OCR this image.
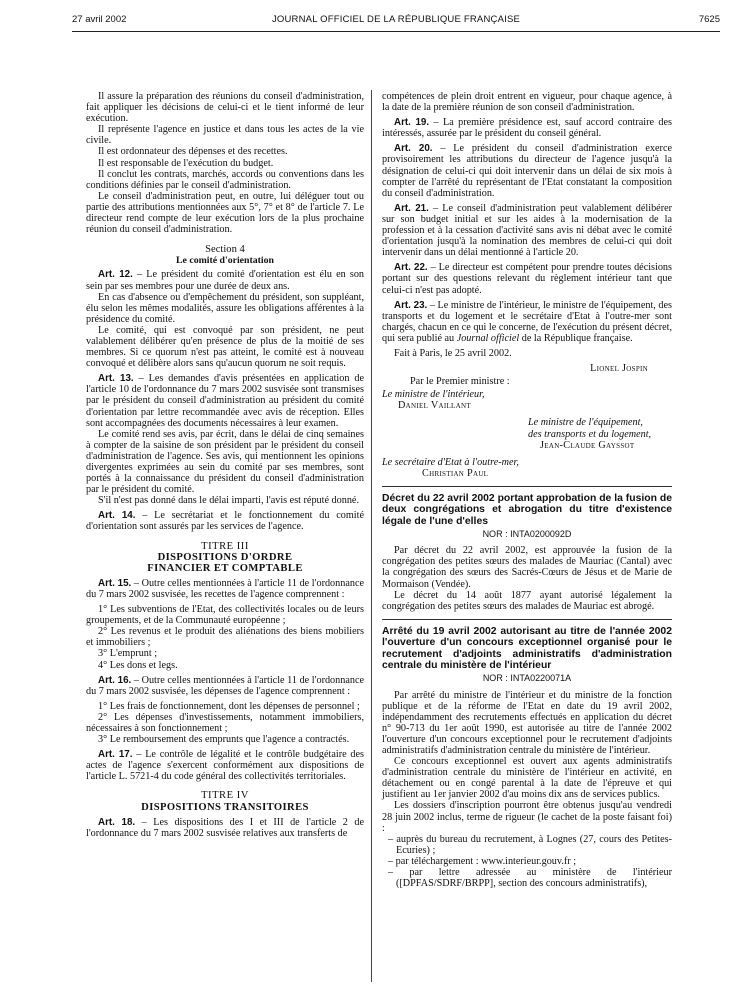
27 avril 2002	JOURNAL OFFICIEL DE LA RÉPUBLIQUE FRANÇAISE	7625

Il assure la préparation des réunions du conseil d'administration, fait appliquer les décisions de celui-ci et le tient informé de leur exécution.

Il représente l'agence en justice et dans tous les actes de la vie civile.

Il est ordonnateur des dépenses et des recettes.

Il est responsable de l'exécution du budget.

Il conclut les contrats, marchés, accords ou conventions dans les conditions définies par le conseil d'administration.

Le conseil d'administration peut, en outre, lui déléguer tout ou partie des attributions mentionnées aux 5°, 7° et 8° de l'article 7. Le directeur rend compte de leur exécution lors de la plus prochaine réunion du conseil d'administration.

Section 4
Le comité d'orientation

Art. 12. – Le président du comité d'orientation est élu en son sein par ses membres pour une durée de deux ans.

En cas d'absence ou d'empêchement du président, son suppléant, élu selon les mêmes modalités, assure les obligations afférentes à la présidence du comité.

Le comité, qui est convoqué par son président, ne peut valablement délibérer qu'en présence de plus de la moitié de ses membres. Si ce quorum n'est pas atteint, le comité est à nouveau convoqué et délibère alors sans qu'aucun quorum ne soit requis.

Art. 13. – Les demandes d'avis présentées en application de l'article 10 de l'ordonnance du 7 mars 2002 susvisée sont transmises par le président du conseil d'administration au président du comité d'orientation par lettre recommandée avec avis de réception. Elles sont accompagnées des documents nécessaires à leur examen.

Le comité rend ses avis, par écrit, dans le délai de cinq semaines à compter de la saisine de son président par le président du conseil d'administration de l'agence. Ses avis, qui mentionnent les opinions divergentes exprimées au sein du comité par ses membres, sont portés à la connaissance du président du conseil d'administration par le président du comité.

S'il n'est pas donné dans le délai imparti, l'avis est réputé donné.

Art. 14. – Le secrétariat et le fonctionnement du comité d'orientation sont assurés par les services de l'agence.

TITRE III
DISPOSITIONS D'ORDRE
FINANCIER ET COMPTABLE

Art. 15. – Outre celles mentionnées à l'article 11 de l'ordonnance du 7 mars 2002 susvisée, les recettes de l'agence comprennent :

1° Les subventions de l'Etat, des collectivités locales ou de leurs groupements, et de la Communauté européenne ;

2° Les revenus et le produit des aliénations des biens mobiliers et immobiliers ;

3° L'emprunt ;

4° Les dons et legs.

Art. 16. – Outre celles mentionnées à l'article 11 de l'ordonnance du 7 mars 2002 susvisée, les dépenses de l'agence comprennent :

1° Les frais de fonctionnement, dont les dépenses de personnel ;

2° Les dépenses d'investissements, notamment immobiliers, nécessaires à son fonctionnement ;

3° Le remboursement des emprunts que l'agence a contractés.

Art. 17. – Le contrôle de légalité et le contrôle budgétaire des actes de l'agence s'exercent conformément aux dispositions de l'article L. 5721-4 du code général des collectivités territoriales.

TITRE IV
DISPOSITIONS TRANSITOIRES

Art. 18. – Les dispositions des I et III de l'article 2 de l'ordonnance du 7 mars 2002 susvisée relatives aux transferts de

compétences de plein droit entrent en vigueur, pour chaque agence, à la date de la première réunion de son conseil d'administration.

Art. 19. – La première présidence est, sauf accord contraire des intéressés, assurée par le président du conseil général.

Art. 20. – Le président du conseil d'administration exerce provisoirement les attributions du directeur de l'agence jusqu'à la désignation de celui-ci qui doit intervenir dans un délai de six mois à compter de l'arrêté du représentant de l'Etat constatant la composition du conseil d'administration.

Art. 21. – Le conseil d'administration peut valablement délibérer sur son budget initial et sur les aides à la modernisation de la profession et à la cessation d'activité sans avis ni débat avec le comité d'orientation jusqu'à la nomination des membres de celui-ci qui doit intervenir dans un délai mentionné à l'article 20.

Art. 22. – Le directeur est compétent pour prendre toutes décisions portant sur des questions relevant du règlement intérieur tant que celui-ci n'est pas adopté.

Art. 23. – Le ministre de l'intérieur, le ministre de l'équipement, des transports et du logement et le secrétaire d'Etat à l'outre-mer sont chargés, chacun en ce qui le concerne, de l'exécution du présent décret, qui sera publié au Journal officiel de la République française.

Fait à Paris, le 25 avril 2002.

Lionel Jospin
Par le Premier ministre :
Le ministre de l'intérieur,
Daniel Vaillant
Le ministre de l'équipement,
des transports et du logement,
Jean-Claude Gayssot
Le secrétaire d'Etat à l'outre-mer,
Christian Paul
Décret du 22 avril 2002 portant approbation de la fusion de deux congrégations et abrogation du titre d'existence légale de l'une d'elles
NOR : INTA0200092D

Par décret du 22 avril 2002, est approuvée la fusion de la congrégation des petites sœurs des malades de Mauriac (Cantal) avec la congrégation des sœurs des Sacrés-Cœurs de Jésus et de Marie de Mormaison (Vendée).

Le décret du 14 août 1877 ayant autorisé légalement la congrégation des petites sœurs des malades de Mauriac est abrogé.

Arrêté du 19 avril 2002 autorisant au titre de l'année 2002 l'ouverture d'un concours exceptionnel organisé pour le recrutement d'adjoints administratifs d'administration centrale du ministère de l'intérieur
NOR : INTA0220071A

Par arrêté du ministre de l'intérieur et du ministre de la fonction publique et de la réforme de l'Etat en date du 19 avril 2002, indépendamment des recrutements effectués en application du décret n° 90-713 du 1er août 1990, est autorisée au titre de l'année 2002 l'ouverture d'un concours exceptionnel pour le recrutement d'adjoints administratifs d'administration centrale du ministère de l'intérieur.

Ce concours exceptionnel est ouvert aux agents administratifs d'administration centrale du ministère de l'intérieur en activité, en détachement ou en congé parental à la date de l'épreuve et qui justifient au 1er janvier 2002 d'au moins dix ans de services publics.

Les dossiers d'inscription pourront être obtenus jusqu'au vendredi 28 juin 2002 inclus, terme de rigueur (le cachet de la poste faisant foi) :

– auprès du bureau du recrutement, à Lognes (27, cours des Petites-Ecuries) ;
– par téléchargement : www.interieur.gouv.fr ;
– par lettre adressée au ministère de l'intérieur ([DPFAS/SDRF/BRPP], section des concours administratifs),
